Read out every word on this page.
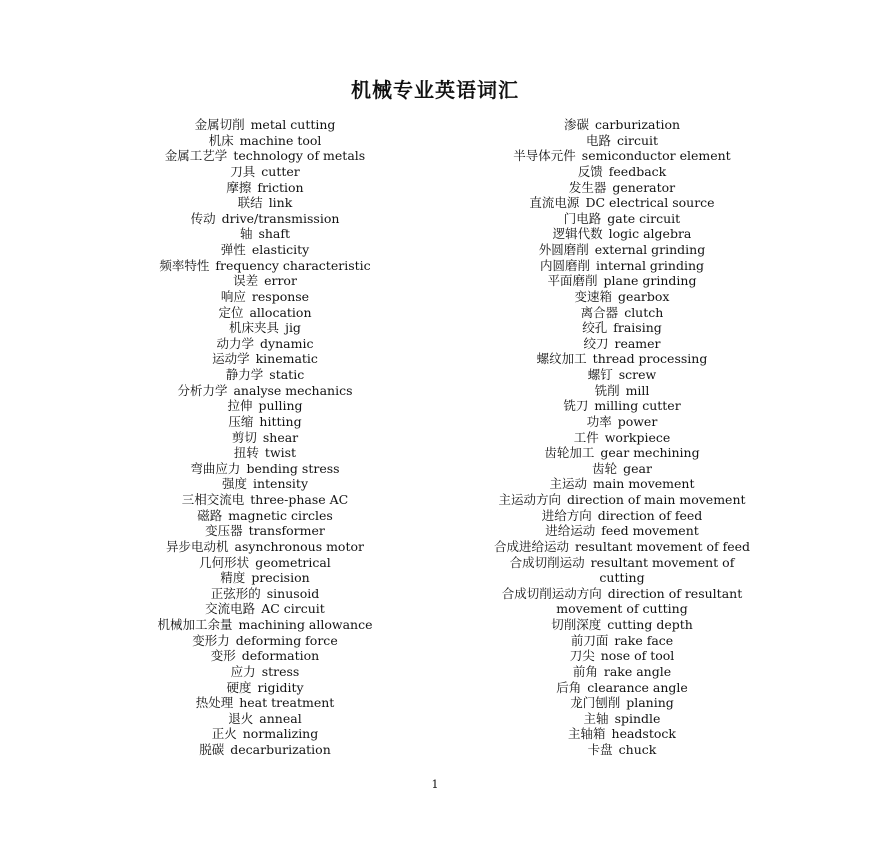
机械专业英语词汇
金属切削 metal cutting
机床 machine tool
金属工艺学 technology of metals
刀具 cutter
摩擦 friction
联结 link
传动 drive/transmission
轴 shaft
弹性 elasticity
频率特性 frequency characteristic
误差 error
响应 response
定位 allocation
机床夹具 jig
动力学 dynamic
运动学 kinematic
静力学 static
分析力学 analyse mechanics
拉伸 pulling
压缩 hitting
剪切 shear
扭转 twist
弯曲应力 bending stress
强度 intensity
三相交流电 three-phase AC
磁路 magnetic circles
变压器 transformer
异步电动机 asynchronous motor
几何形状 geometrical
精度 precision
正弦形的 sinusoid
交流电路 AC circuit
机械加工余量 machining allowance
变形力 deforming force
变形 deformation
应力 stress
硬度 rigidity
热处理 heat treatment
退火 anneal
正火 normalizing
脱碳 decarburization
渗碳 carburization
电路 circuit
半导体元件 semiconductor element
反馈 feedback
发生器 generator
直流电源 DC electrical source
门电路 gate circuit
逻辑代数 logic algebra
外圆磨削 external grinding
内圆磨削 internal grinding
平面磨削 plane grinding
变速箱 gearbox
离合器 clutch
绞孔 fraising
绞刀 reamer
螺纹加工 thread processing
螺钉 screw
铣削 mill
铣刀 milling cutter
功率 power
工件 workpiece
齿轮加工 gear mechining
齿轮 gear
主运动 main movement
主运动方向 direction of main movement
进给方向 direction of feed
进给运动 feed movement
合成进给运动 resultant movement of feed
合成切削运动 resultant movement of
cutting
合成切削运动方向 direction of resultant
movement of cutting
切削深度 cutting depth
前刀面 rake face
刀尖 nose of tool
前角 rake angle
后角 clearance angle
龙门刨削 planing
主轴 spindle
主轴箱 headstock
卡盘 chuck
1
